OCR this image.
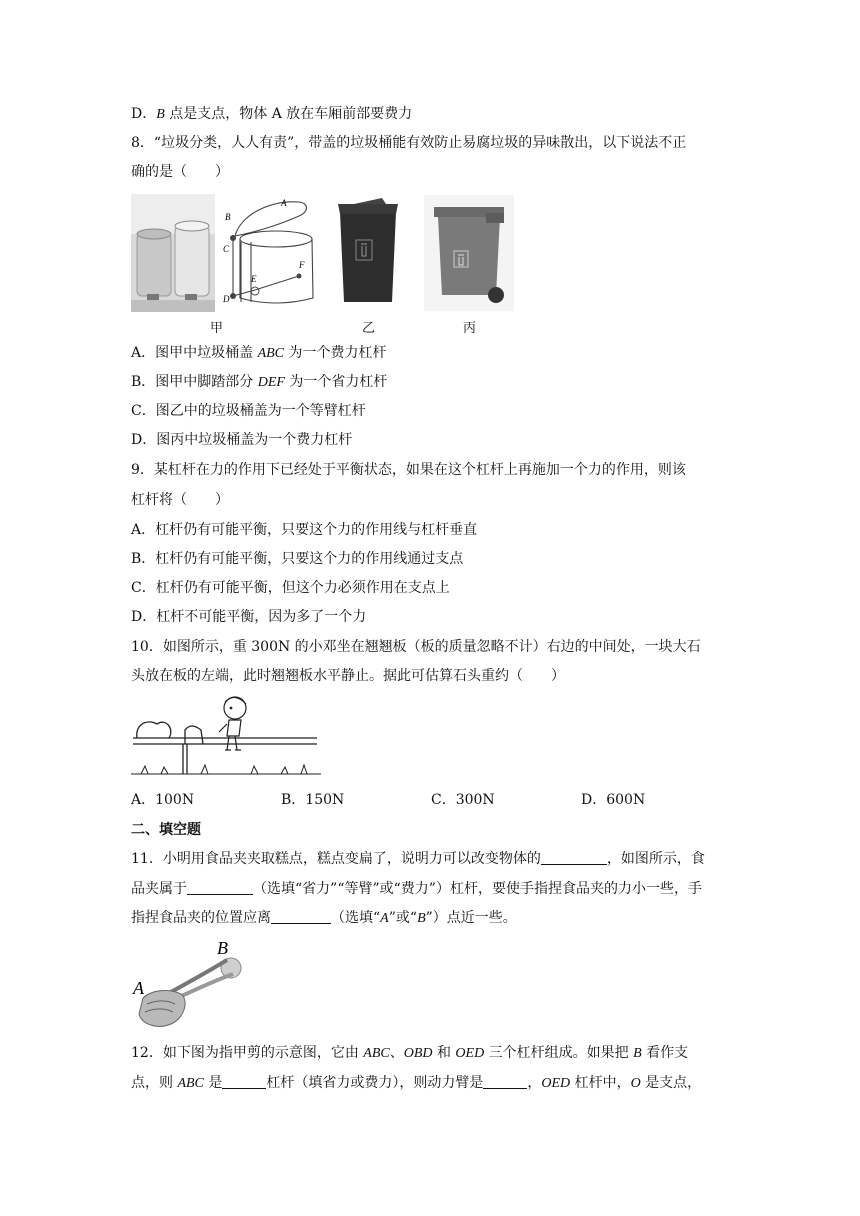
D．B 点是支点，物体 A 放在车厢前部要费力
8．“垃圾分类，人人有责”，带盖的垃圾桶能有效防止易腐垃圾的异味散出，以下说法不正
确的是（　　）
A
B
C
D
E
F
甲	乙	丙
A．图甲中垃圾桶盖 ABC 为一个费力杠杆
B．图甲中脚踏部分 DEF 为一个省力杠杆
C．图乙中的垃圾桶盖为一个等臂杠杆
D．图丙中垃圾桶盖为一个费力杠杆
9．某杠杆在力的作用下已经处于平衡状态，如果在这个杠杆上再施加一个力的作用，则该
杠杆将（　　）
A．杠杆仍有可能平衡，只要这个力的作用线与杠杆垂直
B．杠杆仍有可能平衡，只要这个力的作用线通过支点
C．杠杆仍有可能平衡，但这个力必须作用在支点上
D．杠杆不可能平衡，因为多了一个力
10．如图所示，重 300N 的小邓坐在翘翘板（板的质量忽略不计）右边的中间处，一块大石
头放在板的左端，此时翘翘板水平静止。据此可估算石头重约（　　）
A．100N	B．150N	C．300N	D．600N
二、填空题
11．小明用食品夹夹取糕点，糕点变扁了，说明力可以改变物体的	，如图所示，食
品夹属于	（选填“省力”“等臂”或“费力”）杠杆，要使手指捏食品夹的力小一些，手
指捏食品夹的位置应离	（选填“A”或“B”）点近一些。
B
A
12．如下图为指甲剪的示意图，它由 ABC、OBD 和 OED 三个杠杆组成。如果把 B 看作支
点，则 ABC 是	杠杆（填省力或费力），则动力臂是	，OED 杠杆中，O 是支点，
